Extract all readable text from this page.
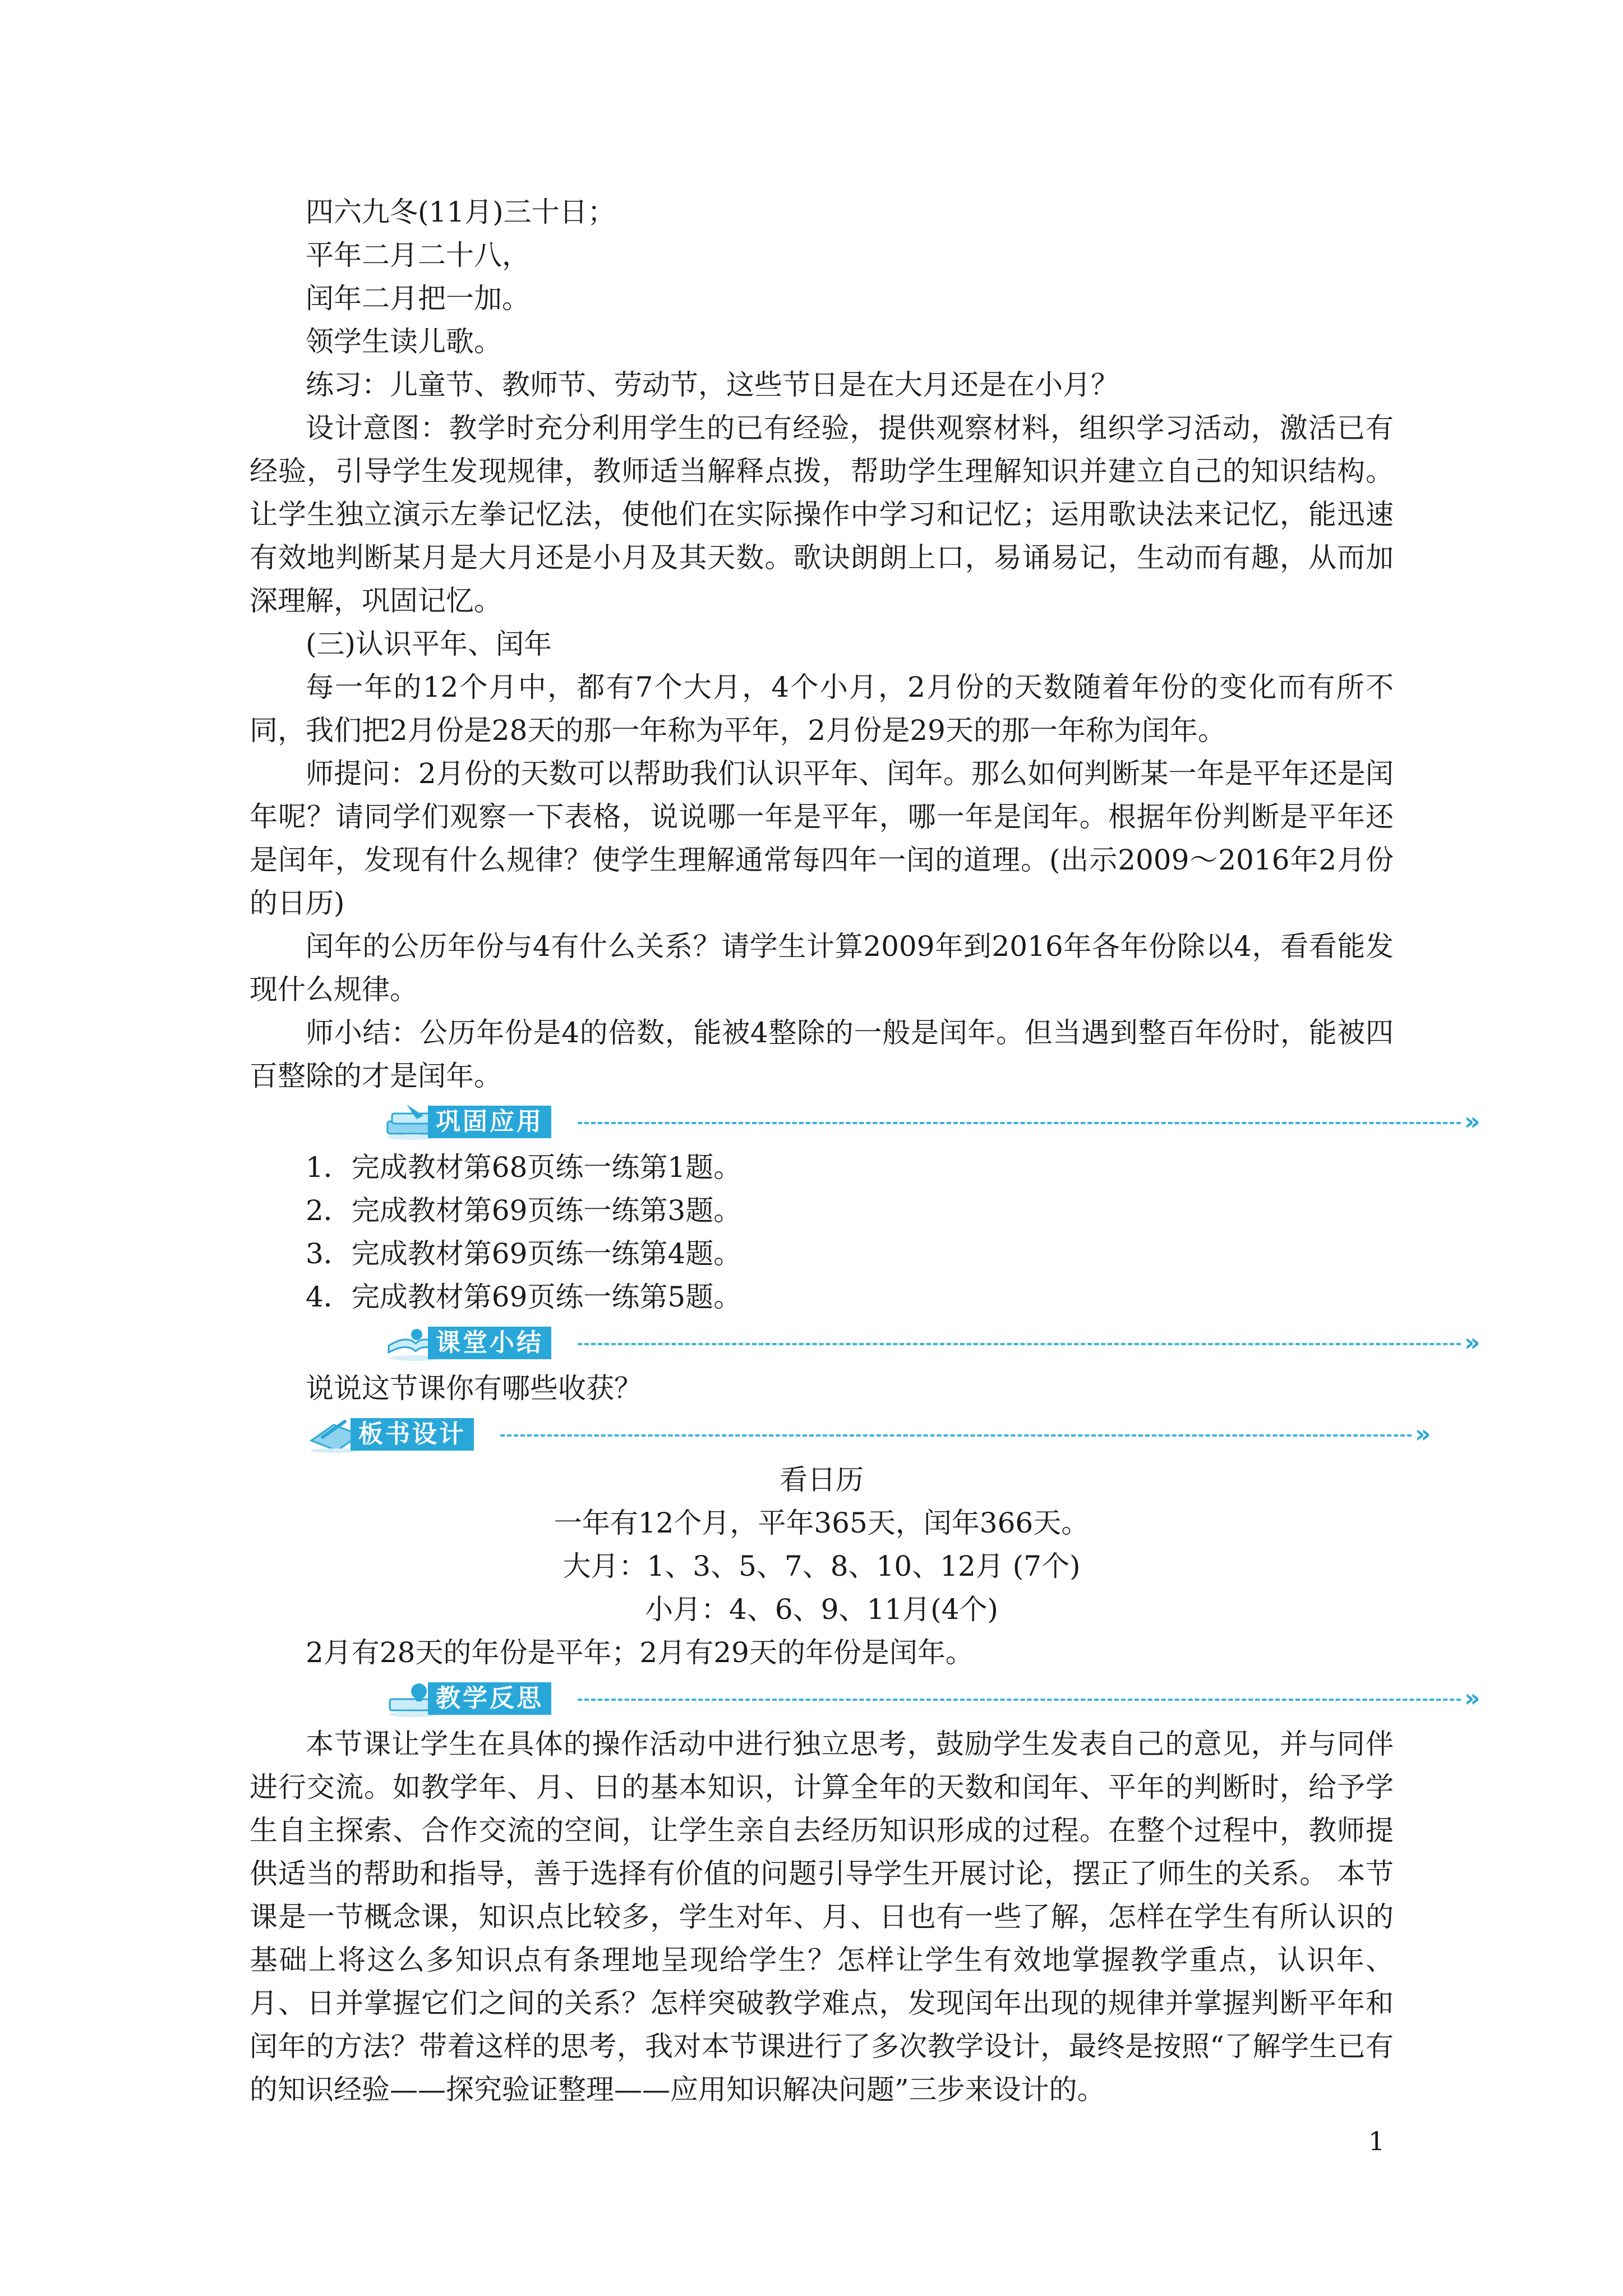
四六九冬(11月)三十日；

平年二月二十八，

闰年二月把一加。

领学生读儿歌。

练习：儿童节、教师节、劳动节，这些节日是在大月还是在小月？

设计意图：教学时充分利用学生的已有经验，提供观察材料，组织学习活动，激活已有经验，引导学生发现规律，教师适当解释点拨，帮助学生理解知识并建立自己的知识结构。让学生独立演示左拳记忆法，使他们在实际操作中学习和记忆；运用歌诀法来记忆，能迅速有效地判断某月是大月还是小月及其天数。歌诀朗朗上口，易诵易记，生动而有趣，从而加深理解，巩固记忆。

(三)认识平年、闰年

每一年的12个月中，都有7个大月，4个小月，2月份的天数随着年份的变化而有所不同，我们把2月份是28天的那一年称为平年，2月份是29天的那一年称为闰年。

师提问：2月份的天数可以帮助我们认识平年、闰年。那么如何判断某一年是平年还是闰年呢？请同学们观察一下表格，说说哪一年是平年，哪一年是闰年。根据年份判断是平年还是闰年，发现有什么规律？使学生理解通常每四年一闰的道理。(出示2009～2016年2月份的日历)

闰年的公历年份与4有什么关系？请学生计算2009年到2016年各年份除以4，看看能发现什么规律。

师小结：公历年份是4的倍数，能被4整除的一般是闰年。但当遇到整百年份时，能被四百整除的才是闰年。

巩固应用	»

1．完成教材第68页练一练第1题。

2．完成教材第69页练一练第3题。

3．完成教材第69页练一练第4题。

4．完成教材第69页练一练第5题。

课堂小结	»

说说这节课你有哪些收获？

板书设计	»

看日历

一年有12个月，平年365天，闰年366天。

大月：1、3、5、7、8、10、12月 (7个)

小月：4、6、9、11月(4个)

2月有28天的年份是平年；2月有29天的年份是闰年。

教学反思	»

本节课让学生在具体的操作活动中进行独立思考，鼓励学生发表自己的意见，并与同伴进行交流。如教学年、月、日的基本知识，计算全年的天数和闰年、平年的判断时，给予学生自主探索、合作交流的空间，让学生亲自去经历知识形成的过程。在整个过程中，教师提供适当的帮助和指导，善于选择有价值的问题引导学生开展讨论，摆正了师生的关系。 本节课是一节概念课，知识点比较多，学生对年、月、日也有一些了解，怎样在学生有所认识的基础上将这么多知识点有条理地呈现给学生？怎样让学生有效地掌握教学重点，认识年、月、日并掌握它们之间的关系？怎样突破教学难点，发现闰年出现的规律并掌握判断平年和闰年的方法？带着这样的思考，我对本节课进行了多次教学设计，最终是按照“了解学生已有的知识经验——探究验证整理——应用知识解决问题”三步来设计的。

1
